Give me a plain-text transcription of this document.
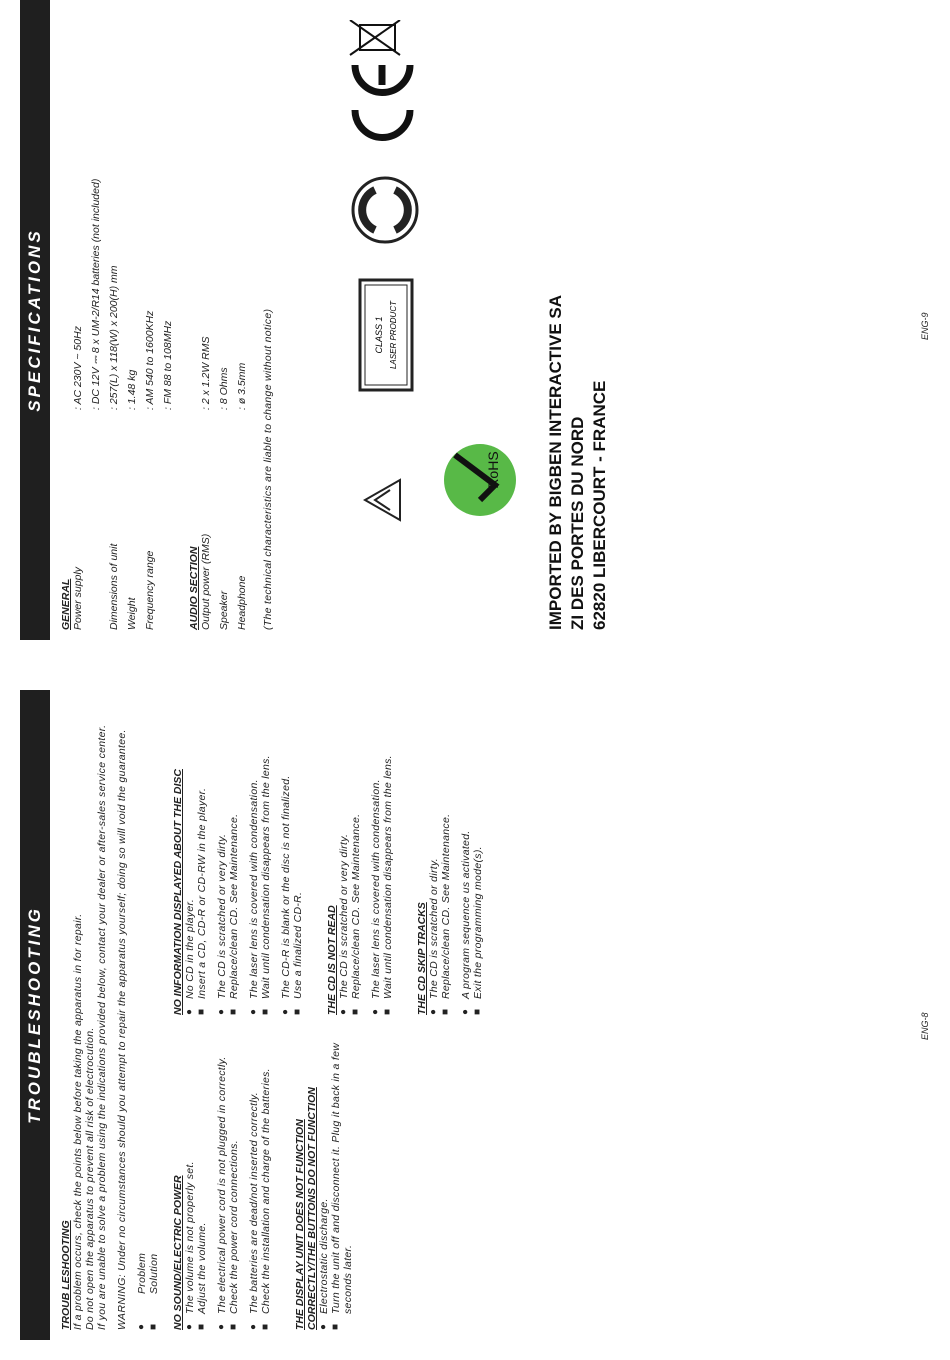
TROUBLESHOOTING
TROUB LESHOOTING If a problem occurs, check the points below before taking the apparatus in for repair. Do not open the apparatus to prevent all risk of electrocution. If you are unable to solve a problem using the indications provided below, contact your dealer or after-sales service center. WARNING: Under no circumstances should you attempt to repair the apparatus yourself; doing so will void the guarantee. ●
Problem
■
Solution NO SOUND/ELECTRIC POWER ●
The volume is not properly set.
■
Adjust the volume.
●
The electrical power cord is not plugged in correctly.
■
Check the power cord connections.
●
The batteries are dead/not inserted correctly.
■
Check the installation and charge of the batteries. THE DISPLAY UNIT DOES NOT FUNCTION CORRECTLY/THE BUTTONS DO NOT FUNCTION ●
Electrostatic discharge.
■
Turn the unit off and disconnect it. Plug it back in a few seconds later.
NO INFORMATION DISPLAYED ABOUT THE DISC ●
No CD in the player.
■
Insert a CD, CD-R or CD-RW in the player.
●
The CD is scratched or very dirty.
■
Replace/clean CD. See Maintenance.
●
The laser lens is covered with condensation.
■
Wait until condensation disappears from the lens.
●
The CD-R is blank or the disc is not finalized.
■
Use a finalized CD-R. THE CD IS NOT READ ●
The CD is scratched or very dirty.
■
Replace/clean CD. See Maintenance.
●
The laser lens is covered with condensation.
■
Wait until condensation disappears from the lens. THE CD SKIP TRACKS ●
The CD is scratched or dirty.
■
Replace/clean CD. See Maintenance.
●
A program sequence us activated.
■
Exit the programming mode(s).
ENG-8
SPECIFICATIONS
GENERAL Power supply
: AC 230V ~ 50Hz : DC 12V ⎓ 8 x UM-2/R14 batteries (not included)
Dimensions of unit
: 257(L) x 118(W) x 200(H) mm
Weight
: 1.48 kg
Frequency range
: AM 540 to 1600KHz : FM 88 to 108MHz
AUDIO SECTION Output power (RMS)
: 2 x 1.2W RMS
Speaker
: 8 Ohms
Headphone
: ø 3.5mm (The technical characteristics are liable to change without notice)	CLASS 1 LASER PRODUCT
RoHS	IMPORTED BY BIGBEN INTERACTIVE SA ZI DES PORTES DU NORD 62820 LIBERCOURT - FRANCE
ENG-9
